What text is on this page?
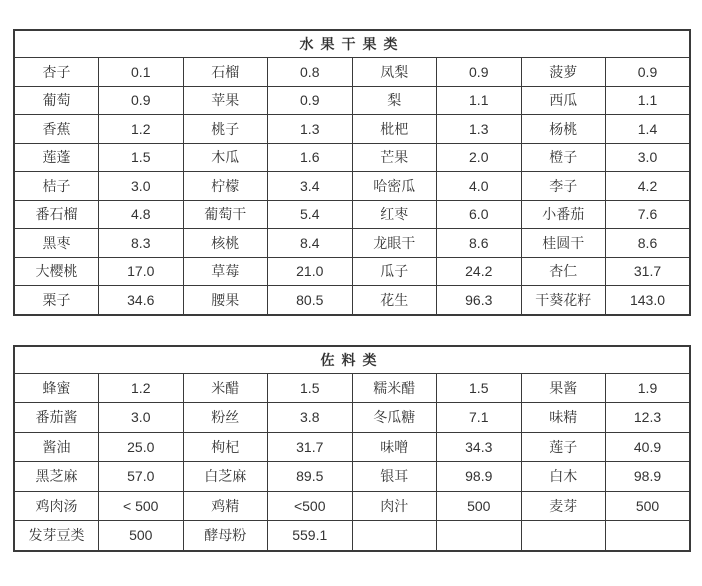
水果干果类							
杏子	0.1	石榴	0.8	凤梨	0.9	菠萝	0.9
葡萄	0.9	苹果	0.9	梨	1.1	西瓜	1.1
香蕉	1.2	桃子	1.3	枇杷	1.3	杨桃	1.4
莲蓬	1.5	木瓜	1.6	芒果	2.0	橙子	3.0
桔子	3.0	柠檬	3.4	哈密瓜	4.0	李子	4.2
番石榴	4.8	葡萄干	5.4	红枣	6.0	小番茄	7.6
黑枣	8.3	核桃	8.4	龙眼干	8.6	桂圆干	8.6
大樱桃	17.0	草莓	21.0	瓜子	24.2	杏仁	31.7
栗子	34.6	腰果	80.5	花生	96.3	干葵花籽	143.0
佐料类							
蜂蜜	1.2	米醋	1.5	糯米醋	1.5	果酱	1.9
番茄酱	3.0	粉丝	3.8	冬瓜糖	7.1	味精	12.3
酱油	25.0	枸杞	31.7	味噌	34.3	莲子	40.9
黑芝麻	57.0	白芝麻	89.5	银耳	98.9	白木	98.9
鸡肉汤	< 500	鸡精	<500	肉汁	500	麦芽	500
发芽豆类	500	酵母粉	559.1				
